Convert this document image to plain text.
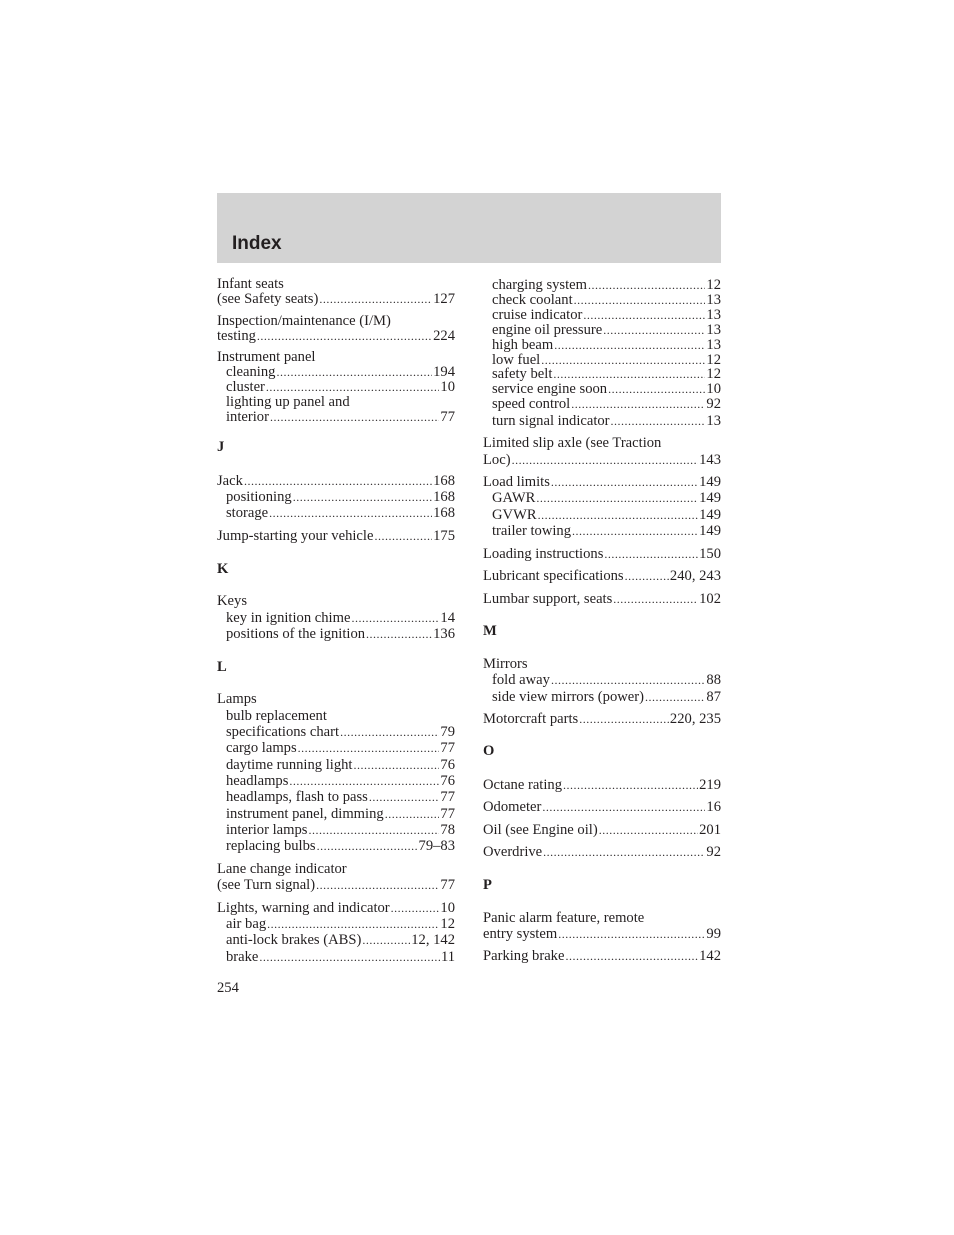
Index
Infant seats
(see Safety seats) .....	127
Inspection/maintenance (I/M)
testing .....	224
Instrument panel
cleaning .....	194
cluster .....	10
lighting up panel and
interior .....	77
J
Jack .....	168
positioning .....	168
storage .....	168
Jump-starting your vehicle .....	175
K
Keys
key in ignition chime .....	14
positions of the ignition .....	136
L
Lamps
bulb replacement
specifications chart .....	79
cargo lamps .....	77
daytime running light .....	76
headlamps .....	76
headlamps, flash to pass .....	77
instrument panel, dimming .....	77
interior lamps .....	78
replacing bulbs .....	79–83
Lane change indicator
(see Turn signal) .....	77
Lights, warning and indicator .....	10
air bag .....	12
anti-lock brakes (ABS) .....	12, 142
brake .....	11
charging system .....	12
check coolant .....	13
cruise indicator .....	13
engine oil pressure .....	13
high beam .....	13
low fuel .....	12
safety belt .....	12
service engine soon .....	10
speed control .....	92
turn signal indicator .....	13
Limited slip axle (see Traction
Loc) .....	143
Load limits .....	149
GAWR .....	149
GVWR .....	149
trailer towing .....	149
Loading instructions .....	150
Lubricant specifications .....	240, 243
Lumbar support, seats .....	102
M
Mirrors
fold away .....	88
side view mirrors (power) .....	87
Motorcraft parts .....	220, 235
O
Octane rating .....	219
Odometer .....	16
Oil (see Engine oil) .....	201
Overdrive .....	92
P
Panic alarm feature, remote
entry system .....	99
Parking brake .....	142
254
